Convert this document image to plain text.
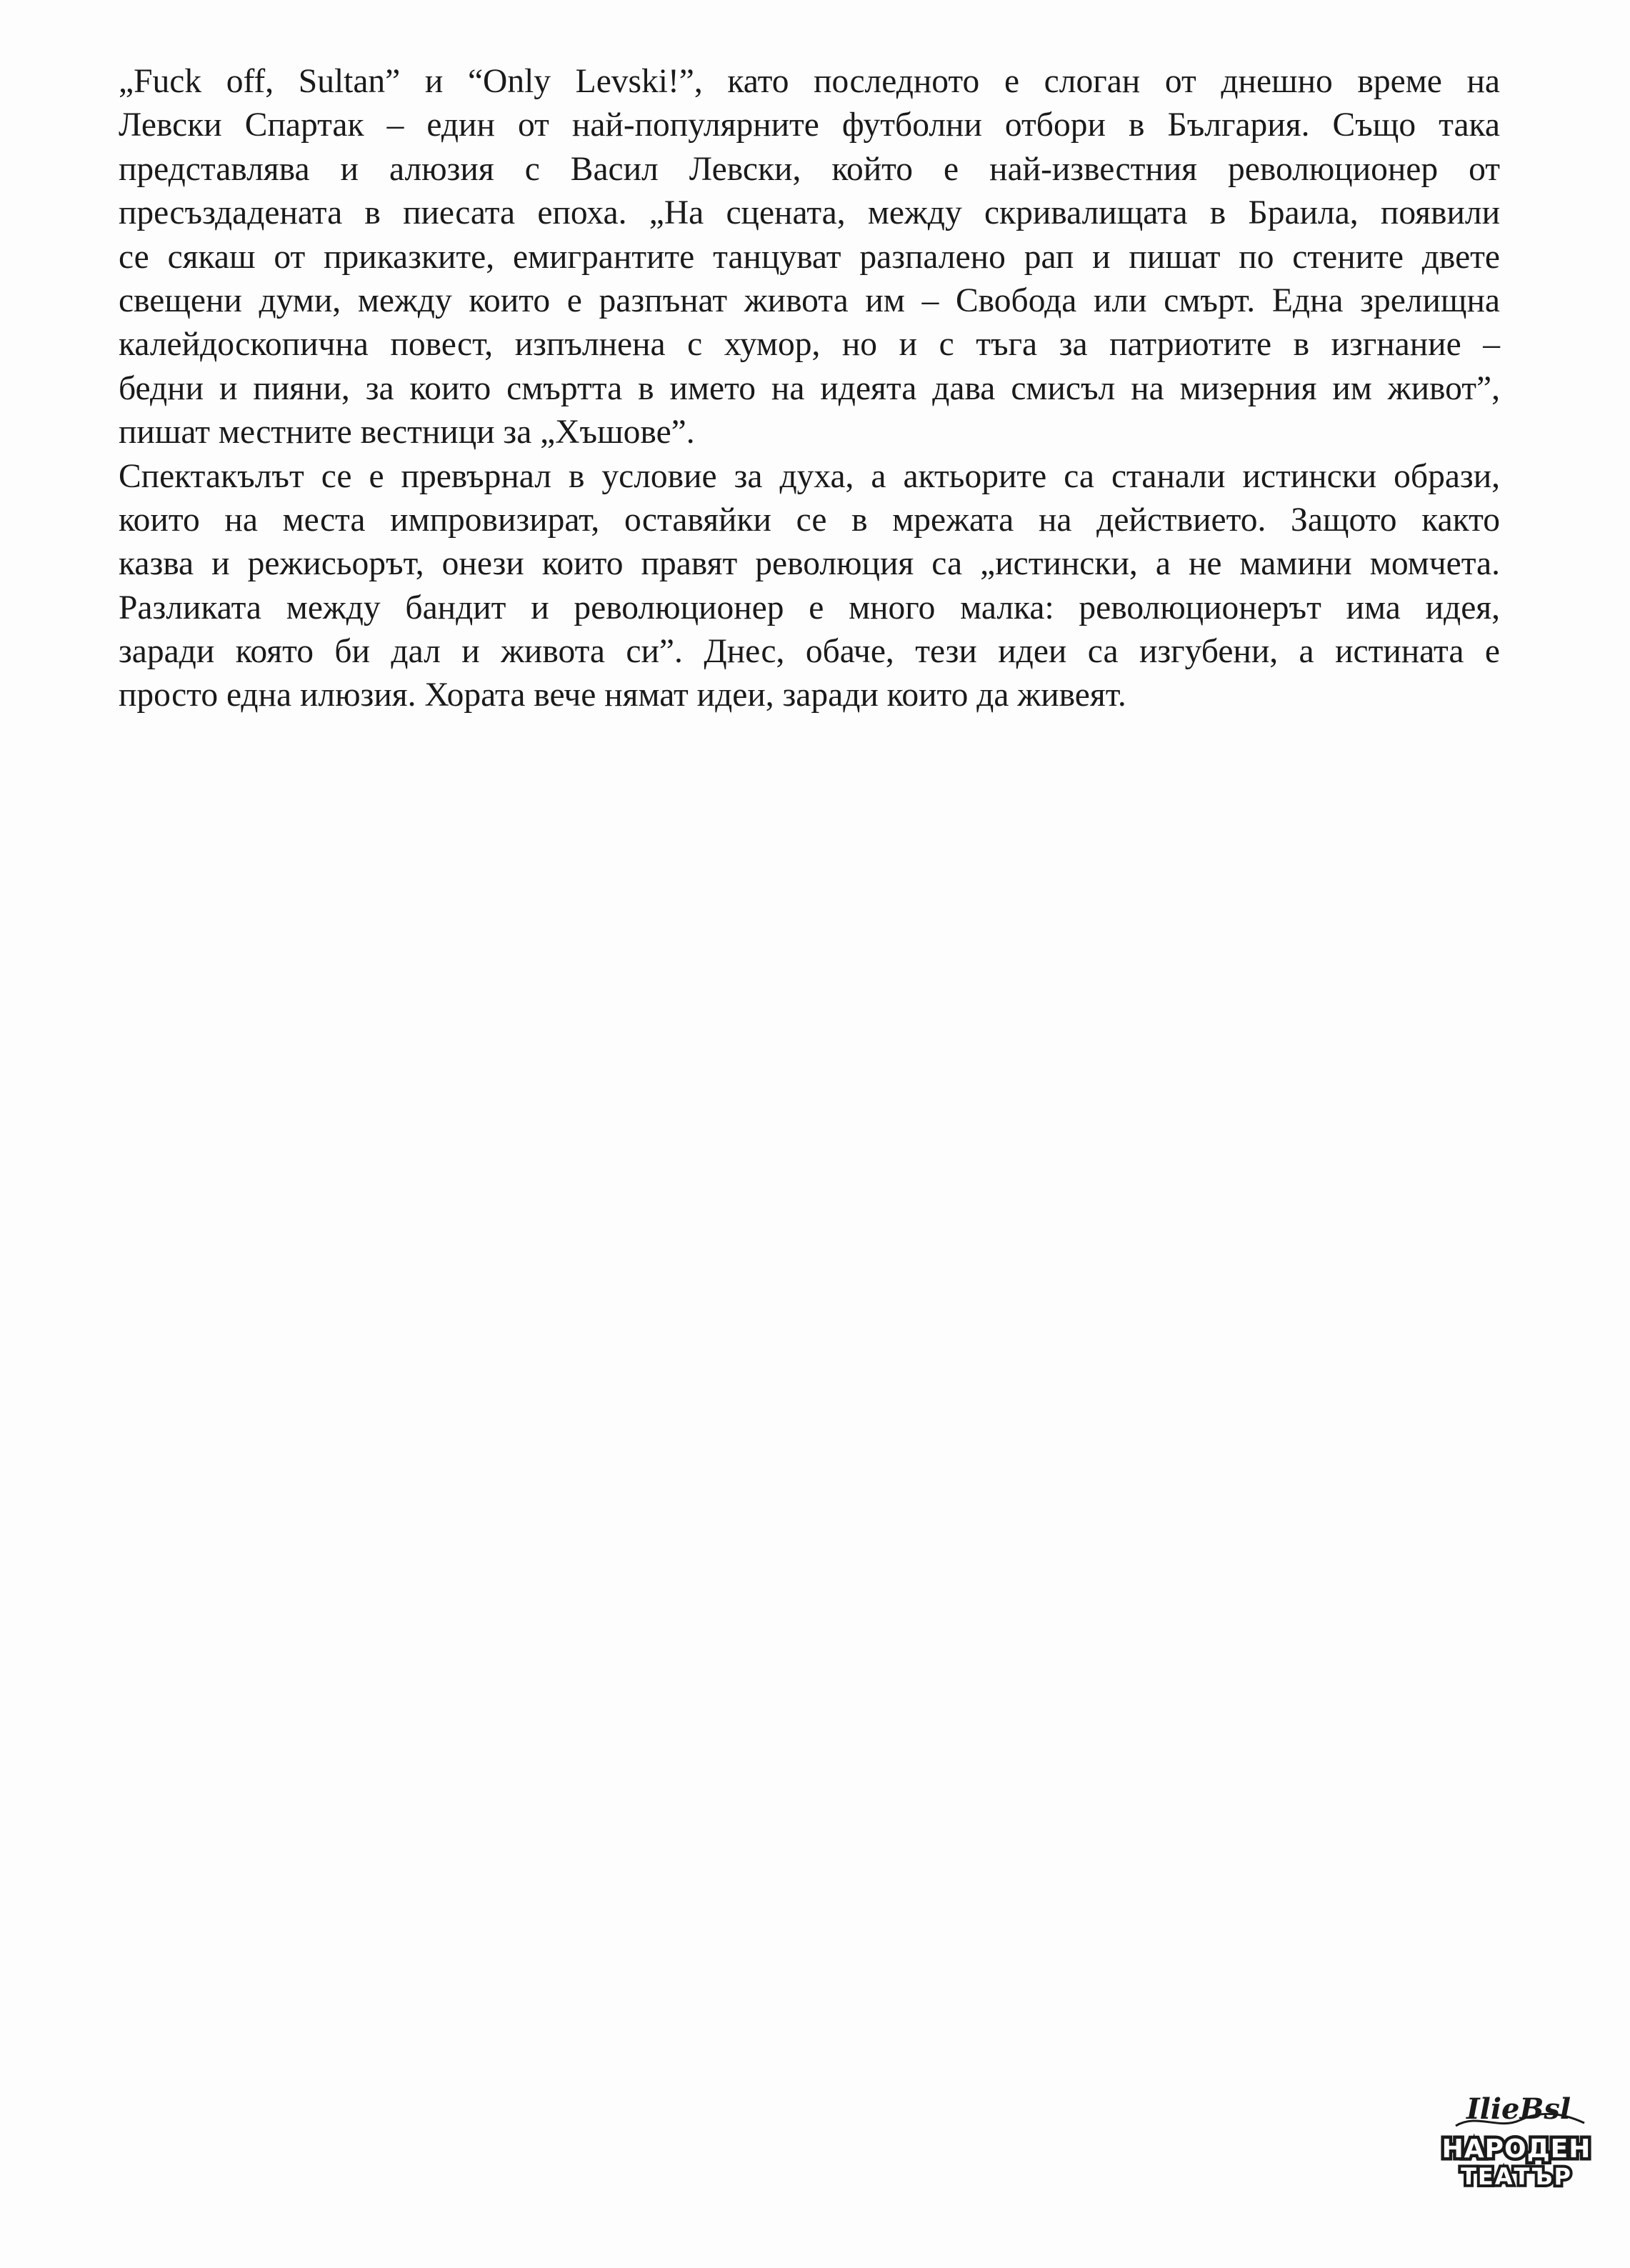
„Fuck off, Sultan” и “Only Levski!”, като последното е слоган от днешно време на
Левски Спартак – един от най-популярните футболни отбори в България. Също така
представлява и алюзия с Васил Левски, който е най-известния революционер от
пресъздадената в пиесата епоха. „На сцената, между скривалищата в Браила, появили
се сякаш от приказките, емигрантите танцуват разпалено рап и пишат по стените двете
свещени думи, между които е разпънат живота им – Свобода или смърт. Една зрелищна
калейдоскопична повест, изпълнена с хумор, но и с тъга за патриотите в изгнание –
бедни и пияни, за които смъртта в името на идеята дава смисъл на мизерния им живот”,
пишат местните вестници за „Хъшове”.
Спектакълът се е превърнал в условие за духа, а актьорите са станали истински образи,
които на места импровизират, оставяйки се в мрежата на действието. Защото както
казва и режисьорът, онези които правят революция са „истински, а не мамини момчета.
Разликата между бандит и революционер е много малка: революционерът има идея,
заради която би дал и живота си”. Днес, обаче, тези идеи са изгубени, а истината е
просто една илюзия. Хората вече нямат идеи, заради които да живеят.
IlieBsl
НАРОДЕН
ТЕАТЪР
